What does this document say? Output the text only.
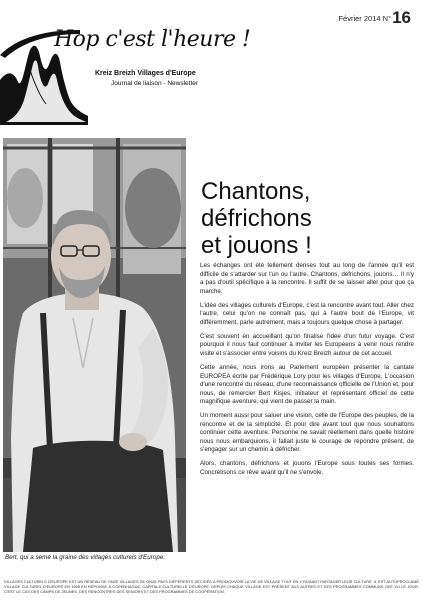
Février 2014 N°16
Hop c'est l'heure !
Kreiz Breizh Villages d'Europe
Journal de liaison - Newsletter
Bert, qui a semé la graine des villages culturels d'Europe.
Chantons,
défrichons
et jouons !

Les échanges ont été tellement denses tout au long de l'année qu'il est difficile de s'attarder sur l'un ou l'autre. Chantons, défrichons, jouons… Il n'y a pas d'outil spécifique à la rencontre. Il suffit de se laisser aller pour que ça marche.

L'idée des villages culturels d'Europe, c'est la rencontre avant tout. Aller chez l'autre, celui qu'on ne connaît pas, qui à l'autre bout de l'Europe, vit différemment, parle autrement, mais a toujours quelque chose à partager.

C'est souvent en accueillant qu'on finalise l'idée d'un futur voyage. C'est pourquoi il nous faut continuer à inviter les Européens à venir nous rendre visite et s'associer entre voisins du Kreiz Breizh autour de cet accueil.

Cette année, nous irons au Parlement européen présenter la cantate EUROPEA écrite par Frédérique Lory pour les villages d'Europe. L'occasion d'une rencontre du réseau, d'une reconnaissance officielle de l'Union et, pour nous, de remercier Bert Kisjes, initiateur et représentant officiel de cette magnifique aventure, qui vient de passer la main.

Un moment aussi pour saluer une vision, celle de l'Europe des peuples, de la rencontre et de la simplicité. Et pour dire avant tout que nous souhaitons continuer cette aventure. Personne ne savait réellement dans quelle histoire nous nous embarquions, il fallait juste le courage de répondre présent, de s'engager sur un chemin à défricher.

Alors, chantons, défrichons et jouons l'Europe sous toutes ses formes. Concrétisons ce rêve avant qu'il ne s'envole.

VILLAGES CULTURELS D'EUROPE EST UN RÉSEAU DE ONZE VILLAGES DE ONZE PAYS DIFFÉRENTS DÉCIDÉS À PROMOUVOIR LA VIE DE VILLAGE TOUT EN Y FAISANT PARTAGER LEUR CULTURE. IL EST AUTOPROCLAMÉ VILLAGE CULTUREL D'EUROPE EN 1998 EN RÉPONSE À COPENHAGUE, CAPITALE CULTURELLE D'EUROPE. DEPUIS CHAQUE VILLAGE EST PRÉSENT AUX AUTRES ET DES PROGRAMMES COMMUNS ONT VU LE JOUR, C'EST LE CAS DES CAMPS DE JEUNES, DES RENCONTRES DES SENIORS ET DES PROGRAMMES DE COOPÉRATION.
